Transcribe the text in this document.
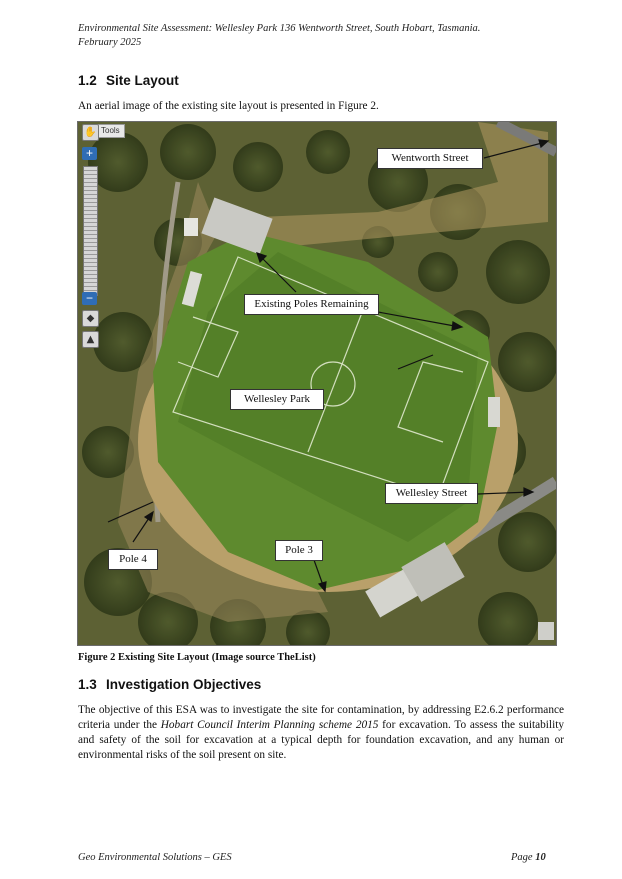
Environmental Site Assessment: Wellesley Park 136 Wentworth Street, South Hobart, Tasmania.
February 2025
1.2 Site Layout
An aerial image of the existing site layout is presented in Figure 2.
Tools
✋
+
−
◆
▲
Wentworth Street
Existing Poles Remaining
Wellesley Park
Wellesley Street
Pole 3
Pole 4
Figure 2 Existing Site Layout (Image source TheList)
1.3 Investigation Objectives
The objective of this ESA was to investigate the site for contamination, by addressing E2.6.2 performance criteria under the Hobart Council Interim Planning scheme 2015 for excavation. To assess the suitability and safety of the soil for excavation at a typical depth for foundation excavation, and any human or environmental risks of the soil present on site.
Geo Environmental Solutions – GES	Page 10
